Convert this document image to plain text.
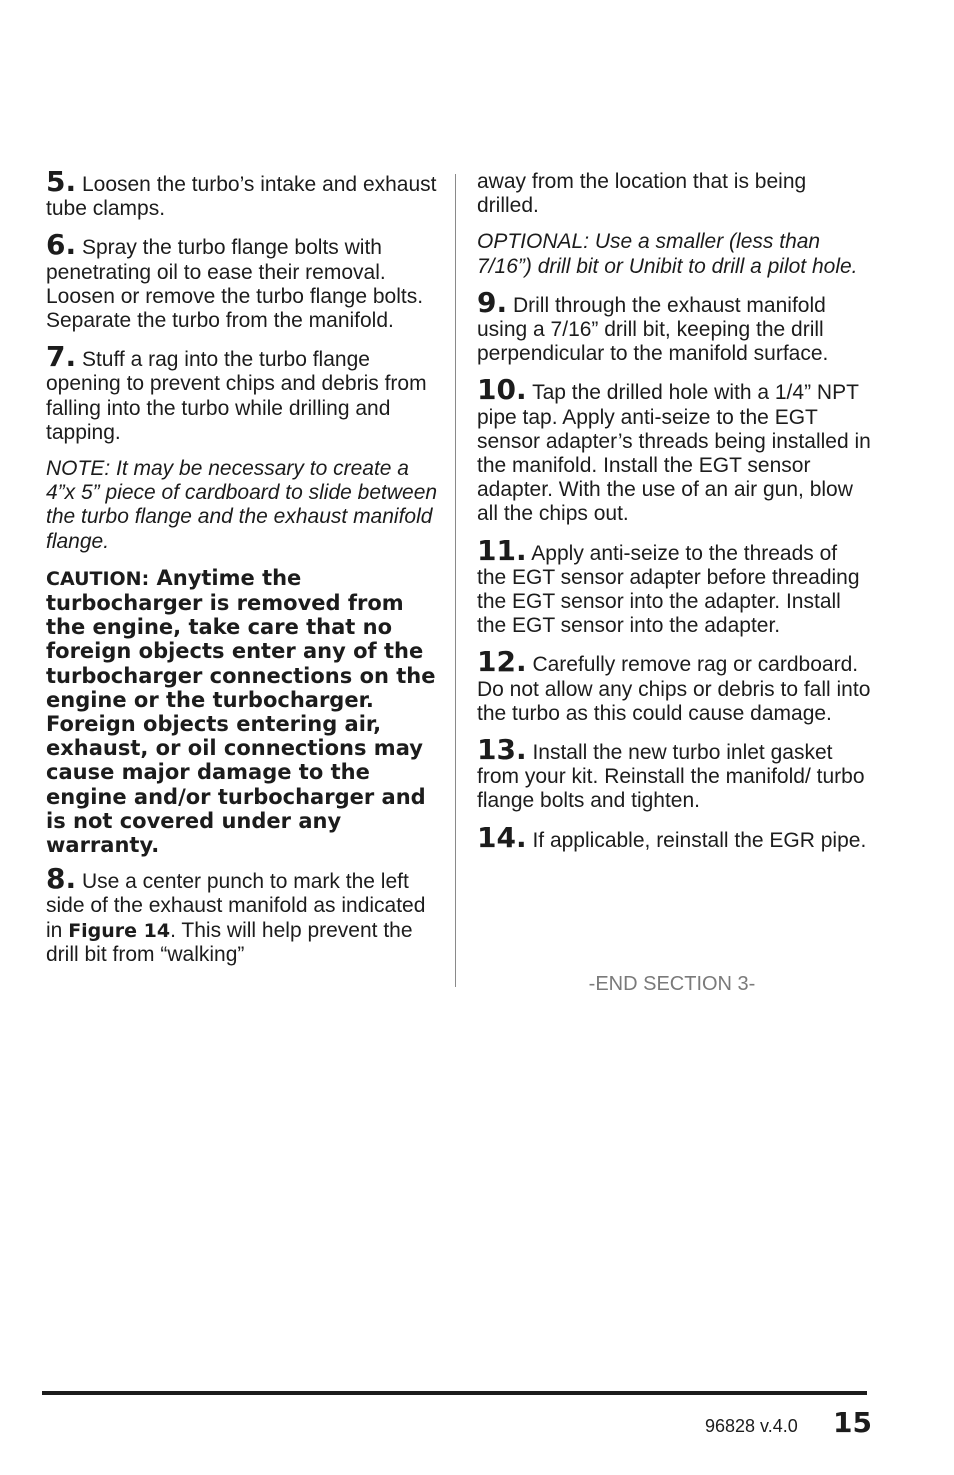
5. Loosen the turbo’s intake and exhaust tube clamps.

6. Spray the turbo flange bolts with penetrating oil to ease their removal. Loosen or remove the turbo flange bolts. Separate the turbo from the manifold.

7. Stuff a rag into the turbo flange opening to prevent chips and debris from falling into the turbo while drilling and tapping.

NOTE: It may be necessary to create a 4”x 5” piece of cardboard to slide between the turbo flange and the exhaust manifold flange.

CAUTION: Anytime the turbocharger is removed from the engine, take care that no foreign objects enter any of the turbocharger connections on the engine or the turbocharger. Foreign objects entering air, exhaust, or oil connections may cause major damage to the engine and/or turbocharger and is not covered under any warranty.

8. Use a center punch to mark the left side of the exhaust manifold as indicated in Figure 14. This will help prevent the drill bit from “walking”

away from the location that is being drilled.

OPTIONAL: Use a smaller (less than 7/16”) drill bit or Unibit to drill a pilot hole.

9. Drill through the exhaust manifold using a 7/16” drill bit, keeping the drill perpendicular to the manifold surface.

10. Tap the drilled hole with a 1/4” NPT pipe tap. Apply anti-seize to the EGT sensor adapter’s threads being installed in the manifold. Install the EGT sensor adapter. With the use of an air gun, blow all the chips out.

11. Apply anti-seize to the threads of the EGT sensor adapter before threading the EGT sensor into the adapter. Install the EGT sensor into the adapter.

12. Carefully remove rag or cardboard. Do not allow any chips or debris to fall into the turbo as this could cause damage.

13. Install the new turbo inlet gasket from your kit. Reinstall the manifold/ turbo flange bolts and tighten.

14. If applicable, reinstall the EGR pipe.

-END SECTION 3-
96828 v.4.0 15
